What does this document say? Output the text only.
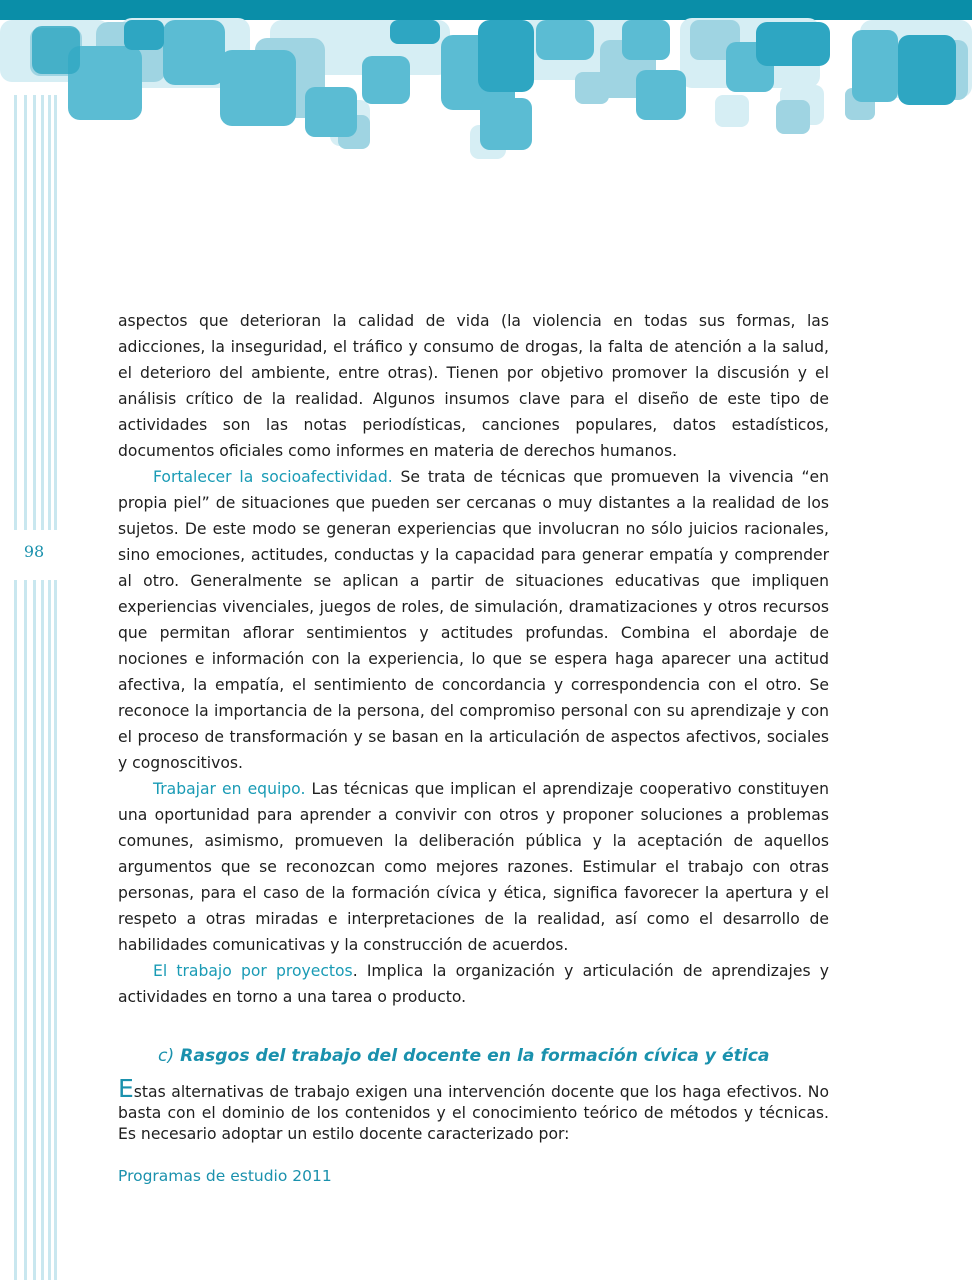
98

aspectos que deterioran la calidad de vida (la violencia en todas sus formas, las adicciones, la inseguridad, el tráfico y consumo de drogas, la falta de atención a la salud, el deterioro del ambiente, entre otras). Tienen por objetivo promover la discusión y el análisis crítico de la realidad. Algunos insumos clave para el diseño de este tipo de actividades son las notas periodísticas, canciones populares, datos estadísticos, documentos oficiales como informes en materia de derechos humanos.

Fortalecer la socioafectividad. Se trata de técnicas que promueven la vivencia “en propia piel” de situaciones que pueden ser cercanas o muy distantes a la realidad de los sujetos. De este modo se generan experiencias que involucran no sólo juicios racionales, sino emociones, actitudes, conductas y la capacidad para generar empatía y comprender al otro. Generalmente se aplican a partir de situaciones educativas que impliquen experiencias vivenciales, juegos de roles, de simulación, dramatizaciones y otros recursos que permitan aflorar sentimientos y actitudes profundas. Combina el abordaje de nociones e información con la experiencia, lo que se espera haga aparecer una actitud afectiva, la empatía, el sentimiento de concordancia y correspondencia con el otro. Se reconoce la importancia de la persona, del compromiso personal con su aprendizaje y con el proceso de transformación y se basan en la articulación de aspectos afectivos, sociales y cognoscitivos.

Trabajar en equipo. Las técnicas que implican el aprendizaje cooperativo constituyen una oportunidad para aprender a convivir con otros y proponer soluciones a problemas comunes, asimismo, promueven la deliberación pública y la aceptación de aquellos argumentos que se reconozcan como mejores razones. Estimular el trabajo con otras personas, para el caso de la formación cívica y ética, significa favorecer la apertura y el respeto a otras miradas e interpretaciones de la realidad, así como el desarrollo de habilidades comunicativas y la construcción de acuerdos.

El trabajo por proyectos. Implica la organización y articulación de aprendizajes y actividades en torno a una tarea o producto.

c) Rasgos del trabajo del docente en la formación cívica y ética

Estas alternativas de trabajo exigen una intervención docente que los haga efectivos. No basta con el dominio de los contenidos y el conocimiento teórico de métodos y técnicas. Es necesario adoptar un estilo docente caracterizado por:

Programas de estudio 2011
